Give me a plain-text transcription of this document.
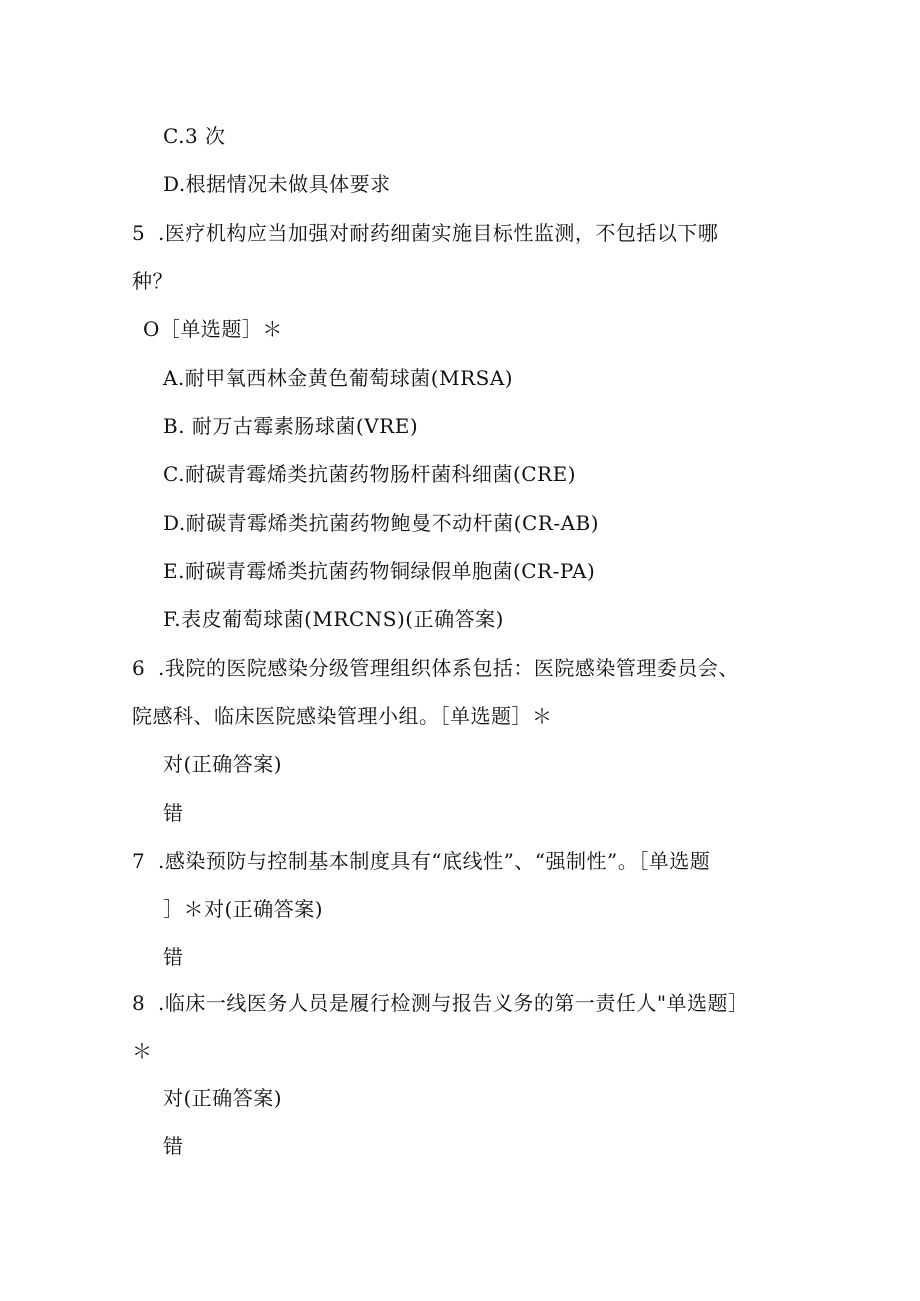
C.3 次
D.根据情况未做具体要求
5 .医疗机构应当加强对耐药细菌实施目标性监测，不包括以下哪
种？
O［单选题］＊
A.耐甲氧西林金黄色葡萄球菌(MRSA)
B. 耐万古霉素肠球菌(VRE)
C.耐碳青霉烯类抗菌药物肠杆菌科细菌(CRE)
D.耐碳青霉烯类抗菌药物鲍曼不动杆菌(CR-AB)
E.耐碳青霉烯类抗菌药物铜绿假单胞菌(CR-PA)
F.表皮葡萄球菌(MRCNS)(正确答案)
6 .我院的医院感染分级管理组织体系包括：医院感染管理委员会、
院感科、临床医院感染管理小组。［单选题］＊
对(正确答案)
错
7 .感染预防与控制基本制度具有“底线性”、“强制性”。［单选题
］＊对(正确答案)
错
8 .临床一线医务人员是履行检测与报告义务的第一责任人"单选题］
＊
对(正确答案)
错
